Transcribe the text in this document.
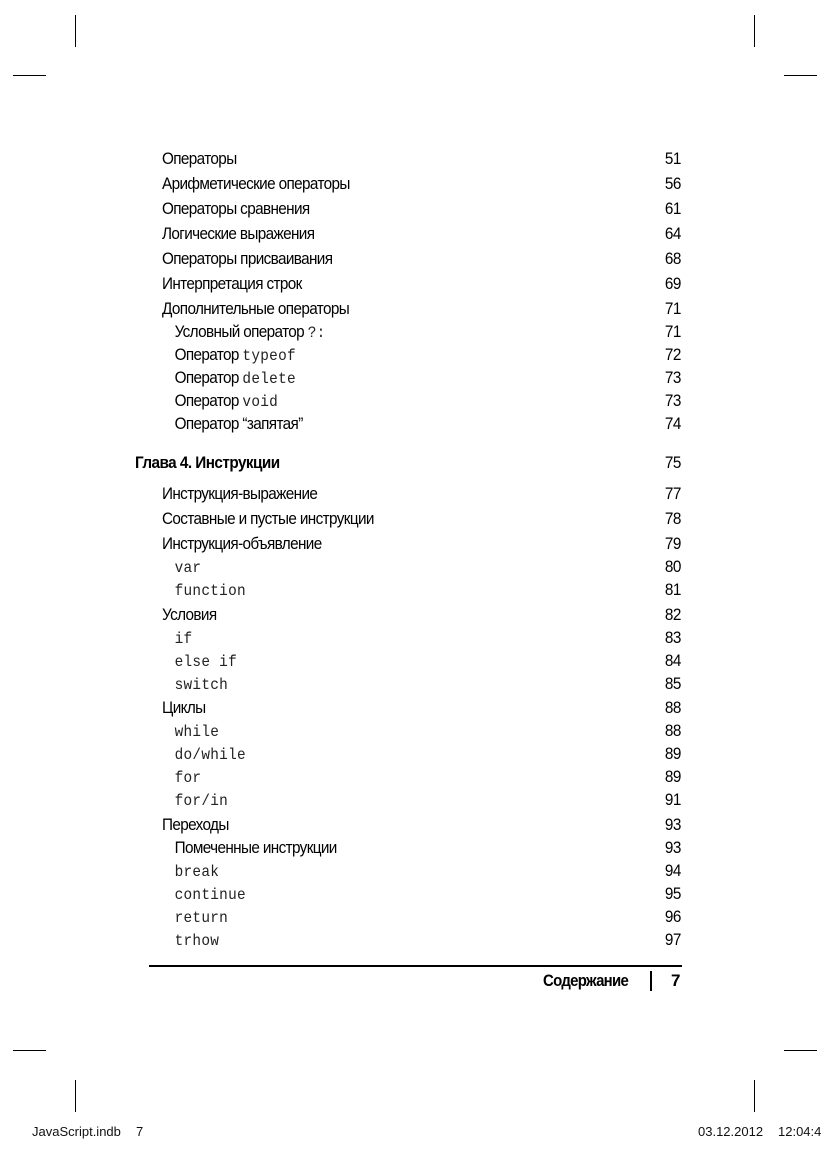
Операторы	51
Арифметические операторы	56
Операторы сравнения	61
Логические выражения	64
Операторы присваивания	68
Интерпретация строк	69
Дополнительные операторы	71
Условный оператор ?:	71
Оператор typeof	72
Оператор delete	73
Оператор void	73
Оператор “запятая”	74
Глава 4. Инструкции	75
Инструкция-выражение	77
Составные и пустые инструкции	78
Инструкция-объявление	79
var	80
function	81
Условия	82
if	83
else if	84
switch	85
Циклы	88
while	88
do/while	89
for	89
for/in	91
Переходы	93
Помеченные инструкции	93
break	94
continue	95
return	96
trhow	97
Содержание	7
JavaScript.indb 7	03.12.2012 12:04:4
